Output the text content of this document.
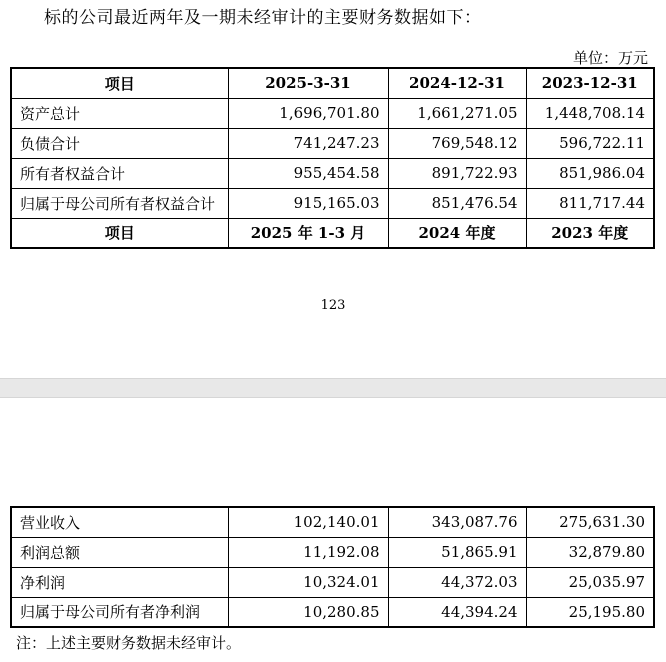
标的公司最近两年及一期未经审计的主要财务数据如下：
单位：万元
项目	2025-3-31	2024-12-31	2023-12-31
资产总计	1,696,701.80	1,661,271.05	1,448,708.14
负债合计	741,247.23	769,548.12	596,722.11
所有者权益合计	955,454.58	891,722.93	851,986.04
归属于母公司所有者权益合计	915,165.03	851,476.54	811,717.44
项目	2025 年 1-3 月	2024 年度	2023 年度
123
营业收入	102,140.01	343,087.76	275,631.30
利润总额	11,192.08	51,865.91	32,879.80
净利润	10,324.01	44,372.03	25,035.97
归属于母公司所有者净利润	10,280.85	44,394.24	25,195.80
注：上述主要财务数据未经审计。
